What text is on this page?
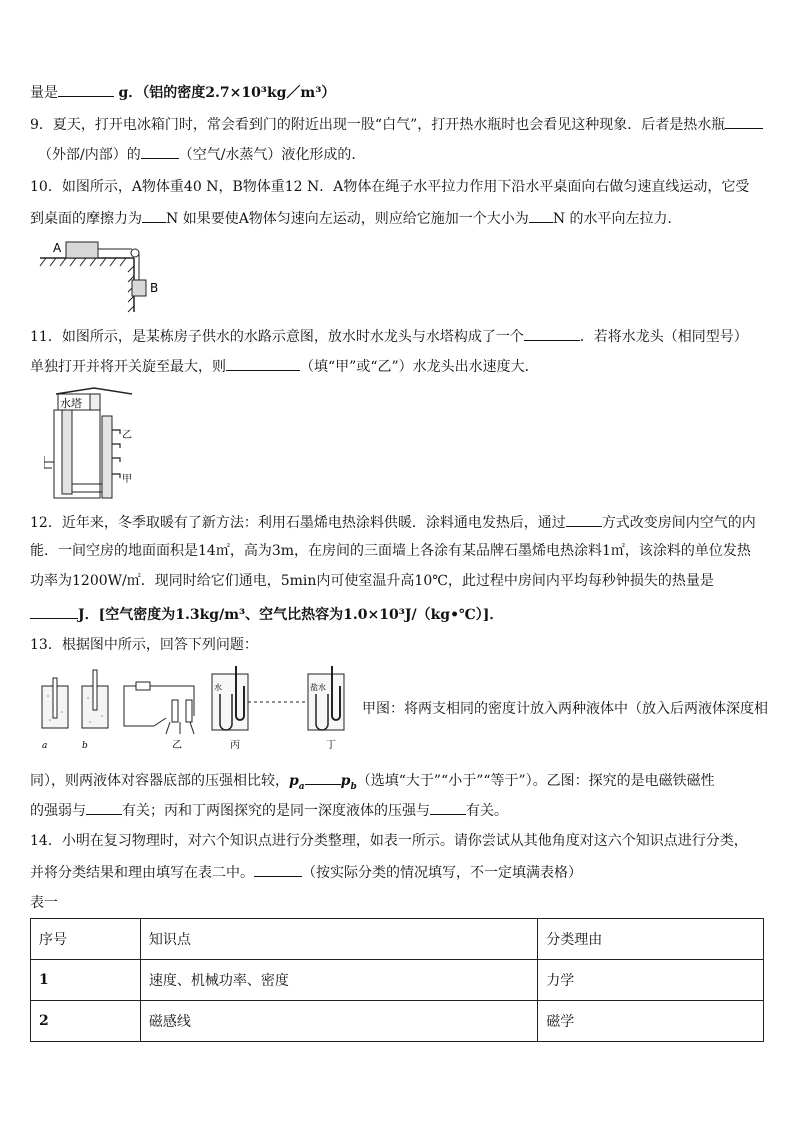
量是	g．（铝的密度2.7×10³kg／m³）
9．夏天，打开电冰箱门时，常会看到门的附近出现一股“白气”，打开热水瓶时也会看见这种现象．后者是热水瓶
（外部/内部）的	（空气/水蒸气）液化形成的．
10．如图所示，A物体重40 N，B物体重12 N．A物体在绳子水平拉力作用下沿水平桌面向右做匀速直线运动，它受
到桌面的摩擦力为 N 如果要使A物体匀速向左运动，则应给它施加一个大小为 N 的水平向左拉力．
A
B
11．如图所示，是某栋房子供水的水路示意图，放水时水龙头与水塔构成了一个	．若将水龙头（相同型号）
单独打开并将开关旋至最大，则	（填“甲”或“乙”）水龙头出水速度大．
水塔
乙
甲
12．近年来，冬季取暖有了新方法：利用石墨烯电热涂料供暖．涂料通电发热后，通过	方式改变房间内空气的内
能．一间空房的地面面积是14㎡，高为3m，在房间的三面墙上各涂有某品牌石墨烯电热涂料1㎡，该涂料的单位发热
功率为1200W/㎡．现同时给它们通电，5min内可使室温升高10℃，此过程中房间内平均每秒钟损失的热量是
J．[空气密度为1.3kg/m³、空气比热容为1.0×10³J/（kg•℃）]．
13．根据图中所示，回答下列问题：
a	b	乙
水
丙
盐水
丁
甲图：将两支相同的密度计放入两种液体中（放入后两液体深度相
同），则两液体对容器底部的压强相比较，$p_a$	$p_b$（选填“大于”“小于”“等于”）。乙图：探究的是电磁铁磁性
的强弱与	有关；丙和丁两图探究的是同一深度液体的压强与	有关。
14．小明在复习物理时，对六个知识点进行分类整理，如表一所示。请你尝试从其他角度对这六个知识点进行分类，
并将分类结果和理由填写在表二中。	（按实际分类的情况填写，不一定填满表格）
表一
序号	知识点	分类理由
1	速度、机械功率、密度	力学
2	磁感线	磁学
